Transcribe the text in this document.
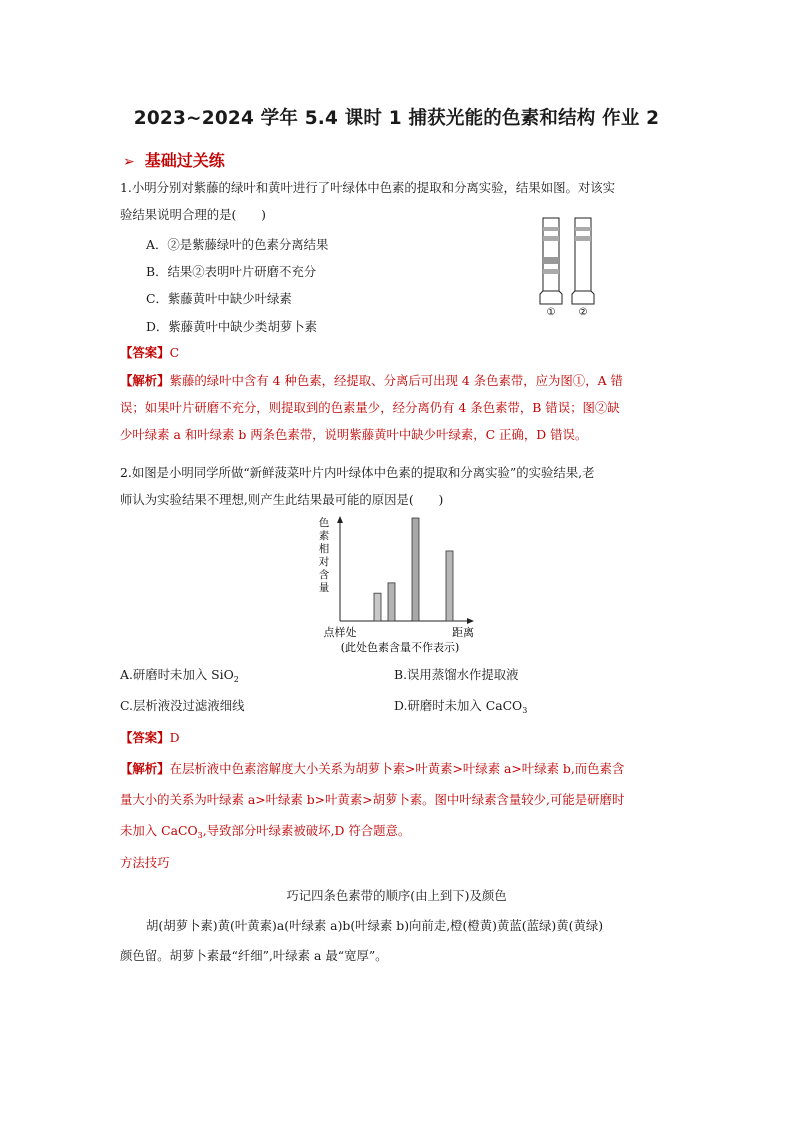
2023~2024 学年 5.4 课时 1 捕获光能的色素和结构 作业 2
➢ 基础过关练
1.小明分别对紫藤的绿叶和黄叶进行了叶绿体中色素的提取和分离实验，结果如图。对该实
验结果说明合理的是(　　)
A．②是紫藤绿叶的色素分离结果
B．结果②表明叶片研磨不充分
C．紫藤黄叶中缺少叶绿素
D．紫藤黄叶中缺少类胡萝卜素
① ②
【答案】C
【解析】紫藤的绿叶中含有 4 种色素，经提取、分离后可出现 4 条色素带，应为图①，A 错
误；如果叶片研磨不充分，则提取到的色素量少，经分离仍有 4 条色素带，B 错误；图②缺
少叶绿素 a 和叶绿素 b 两条色素带，说明紫藤黄叶中缺少叶绿素，C 正确，D 错误。
2.如图是小明同学所做“新鲜菠菜叶片内叶绿体中色素的提取和分离实验”的实验结果,老
师认为实验结果不理想,则产生此结果最可能的原因是(　　)
色素相对含量
点样处	距离
(此处色素含量不作表示)
A.研磨时未加入 SiO$_2$	B.误用蒸馏水作提取液
C.层析液没过滤液细线	D.研磨时未加入 CaCO$_3$
【答案】D
【解析】在层析液中色素溶解度大小关系为胡萝卜素>叶黄素>叶绿素 a>叶绿素 b,而色素含
量大小的关系为叶绿素 a>叶绿素 b>叶黄素>胡萝卜素。图中叶绿素含量较少,可能是研磨时
未加入 CaCO$_3$,导致部分叶绿素被破坏,D 符合题意。
方法技巧
巧记四条色素带的顺序(由上到下)及颜色
胡(胡萝卜素)黄(叶黄素)a(叶绿素 a)b(叶绿素 b)向前走,橙(橙黄)黄蓝(蓝绿)黄(黄绿)
颜色留。胡萝卜素最“纤细”,叶绿素 a 最“宽厚”。
